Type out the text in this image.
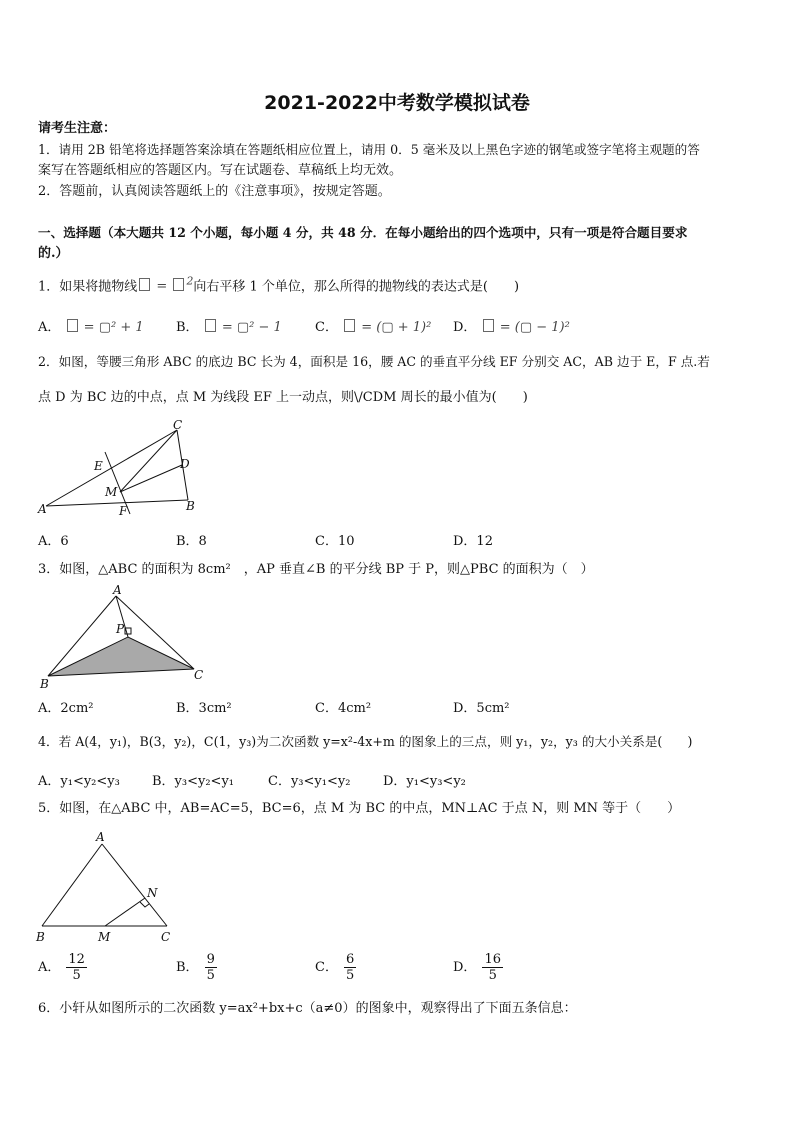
2021-2022中考数学模拟试卷
请考生注意：
1．请用 2B 铅笔将选择题答案涂填在答题纸相应位置上，请用 0．5 毫米及以上黑色字迹的钢笔或签字笔将主观题的答
案写在答题纸相应的答题区内。写在试题卷、草稿纸上均无效。
2．答题前，认真阅读答题纸上的《注意事项》，按规定答题。
一、选择题（本大题共 12 个小题，每小题 4 分，共 48 分．在每小题给出的四个选项中，只有一项是符合题目要求
的.）
1．如果将抛物线 = $^2$向右平移 1 个单位，那么所得的抛物线的表达式是(　　)
A． = ▢² + 1 B． = ▢² − 1	C． = (▢ + 1)² D． = (▢ − 1)²
2．如图，等腰三角形 ABC 的底边 BC 长为 4，面积是 16，腰 AC 的垂直平分线 EF 分别交 AC，AB 边于 E，F 点.若
点 D 为 BC 边的中点，点 M 为线段 EF 上一动点，则\/CDM 周长的最小值为(　　)
C
D
E
M
A	B
F
A．6	B．8	C．10	D．12
3．如图，△ABC 的面积为 8cm²　，AP 垂直∠B 的平分线 BP 于 P，则△PBC 的面积为（　）
A
P
B
C
A．2cm²	B．3cm²	C．4cm²	D．5cm²
4．若 A(4，y₁)，B(3，y₂)，C(1，y₃)为二次函数 y=x²-4x+m 的图象上的三点，则 y₁，y₂，y₃ 的大小关系是(　　)
A．y₁<y₂<y₃ B．y₃<y₂<y₁	C．y₃<y₁<y₂	D．y₁<y₃<y₂
5．如图，在△ABC 中，AB=AC=5，BC=6，点 M 为 BC 的中点，MN⊥AC 于点 N，则 MN 等于（　　）
A
N
B	M	C
A． $\frac{12}{5}$	B． $\frac{9}{5}$	C． $\frac{6}{5}$	D． $\frac{16}{5}$
6．小轩从如图所示的二次函数 y=ax²+bx+c（a≠0）的图象中，观察得出了下面五条信息：
